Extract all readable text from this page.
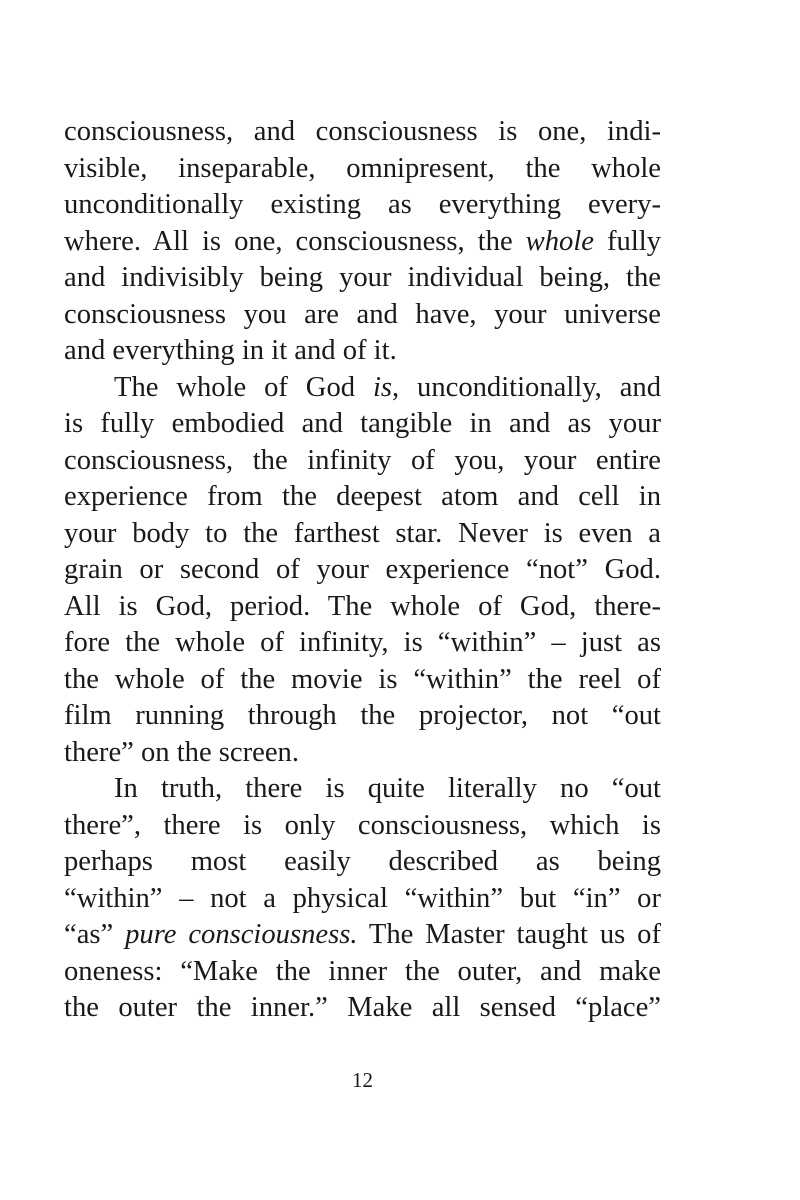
consciousness, and consciousness is one, indi-
visible, inseparable, omnipresent, the whole
unconditionally existing as everything every-
where. All is one, consciousness, the whole fully
and indivisibly being your individual being, the
consciousness you are and have, your universe
and everything in it and of it.
The whole of God is, unconditionally, and
is fully embodied and tangible in and as your
consciousness, the infinity of you, your entire
experience from the deepest atom and cell in
your body to the farthest star. Never is even a
grain or second of your experience “not” God.
All is God, period. The whole of God, there-
fore the whole of infinity, is “within” – just as
the whole of the movie is “within” the reel of
film running through the projector, not “out
there” on the screen.
In truth, there is quite literally no “out
there”, there is only consciousness, which is
perhaps most easily described as being
“within” – not a physical “within” but “in” or
“as” pure consciousness. The Master taught us of
oneness: “Make the inner the outer, and make
the outer the inner.” Make all sensed “place”
12
